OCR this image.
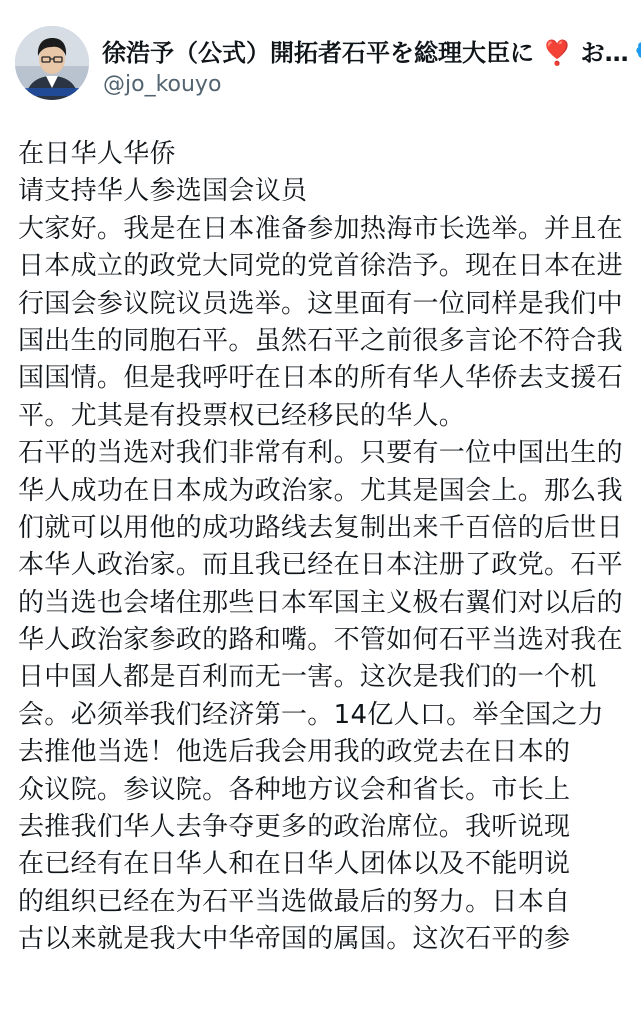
徐浩予（公式）開拓者石平を総理大臣に ❣️ お…
@jo_kouyo
在日华人华侨
请支持华人参选国会议员
大家好。我是在日本准备参加热海市长选举。并且在
日本成立的政党大同党的党首徐浩予。现在日本在进
行国会参议院议员选举。这里面有一位同样是我们中
国出生的同胞石平。虽然石平之前很多言论不符合我
国国情。但是我呼吁在日本的所有华人华侨去支援石
平。尤其是有投票权已经移民的华人。
石平的当选对我们非常有利。只要有一位中国出生的
华人成功在日本成为政治家。尤其是国会上。那么我
们就可以用他的成功路线去复制出来千百倍的后世日
本华人政治家。而且我已经在日本注册了政党。石平
的当选也会堵住那些日本军国主义极右翼们对以后的
华人政治家参政的路和嘴。不管如何石平当选对我在
日中国人都是百利而无一害。这次是我们的一个机
会。必须举我们经济第一。14亿人口。举全国之力
去推他当选！他选后我会用我的政党去在日本的
众议院。参议院。各种地方议会和省长。市长上
去推我们华人去争夺更多的政治席位。我听说现
在已经有在日华人和在日华人团体以及不能明说
的组织已经在为石平当选做最后的努力。日本自
古以来就是我大中华帝国的属国。这次石平的参
